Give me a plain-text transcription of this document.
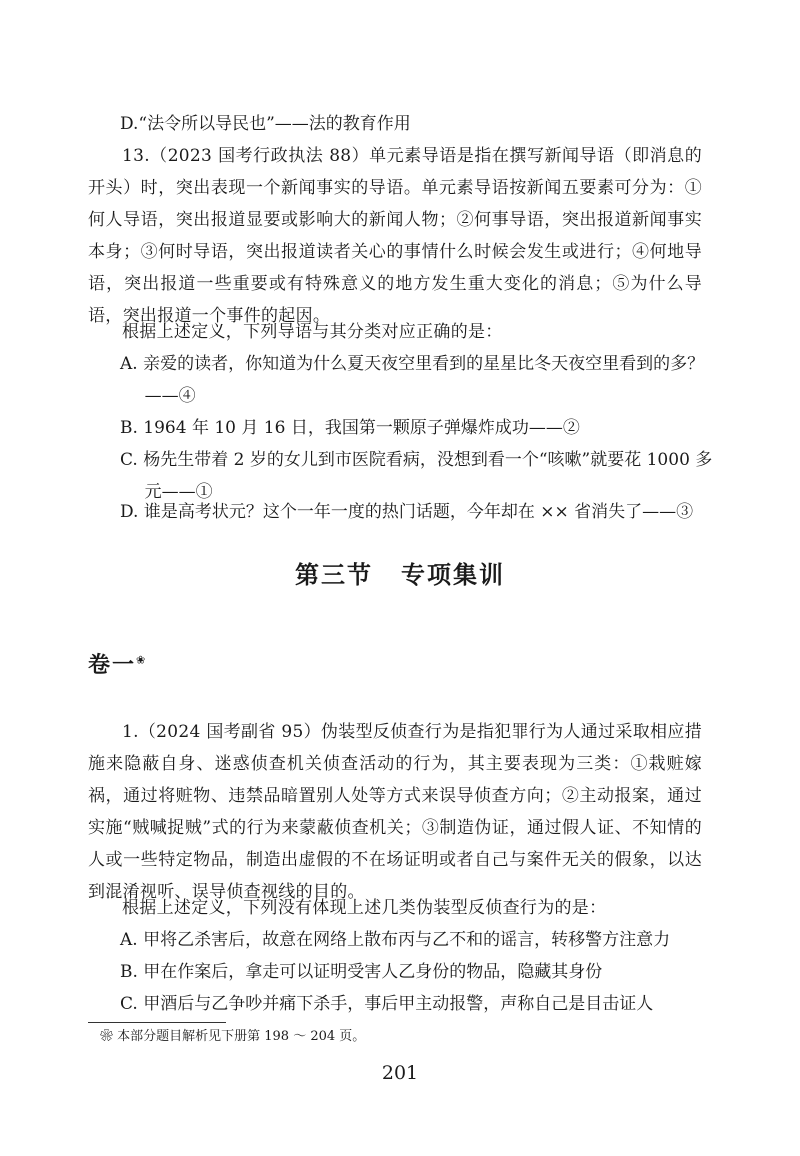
D.“法令所以导民也”——法的教育作用
13.（2023 国考行政执法 88）单元素导语是指在撰写新闻导语（即消息的开头）时，突出表现一个新闻事实的导语。单元素导语按新闻五要素可分为：①何人导语，突出报道显要或影响大的新闻人物；②何事导语，突出报道新闻事实本身；③何时导语，突出报道读者关心的事情什么时候会发生或进行；④何地导语，突出报道一些重要或有特殊意义的地方发生重大变化的消息；⑤为什么导语，突出报道一个事件的起因。
根据上述定义，下列导语与其分类对应正确的是：
A. 亲爱的读者，你知道为什么夏天夜空里看到的星星比冬天夜空里看到的多？——④
B. 1964 年 10 月 16 日，我国第一颗原子弹爆炸成功——②
C. 杨先生带着 2 岁的女儿到市医院看病，没想到看一个“咳嗽”就要花 1000 多元——①
D. 谁是高考状元？这个一年一度的热门话题，今年却在 ×× 省消失了——③
第三节 专项集训
卷一❀
1.（2024 国考副省 95）伪装型反侦查行为是指犯罪行为人通过采取相应措施来隐蔽自身、迷惑侦查机关侦查活动的行为，其主要表现为三类：①栽赃嫁祸，通过将赃物、违禁品暗置别人处等方式来误导侦查方向；②主动报案，通过实施“贼喊捉贼”式的行为来蒙蔽侦查机关；③制造伪证，通过假人证、不知情的人或一些特定物品，制造出虚假的不在场证明或者自己与案件无关的假象，以达到混淆视听、误导侦查视线的目的。
根据上述定义，下列没有体现上述几类伪装型反侦查行为的是：
A. 甲将乙杀害后，故意在网络上散布丙与乙不和的谣言，转移警方注意力
B. 甲在作案后，拿走可以证明受害人乙身份的物品，隐藏其身份
C. 甲酒后与乙争吵并痛下杀手，事后甲主动报警，声称自己是目击证人
❀ 本部分题目解析见下册第 198 ～ 204 页。
201
